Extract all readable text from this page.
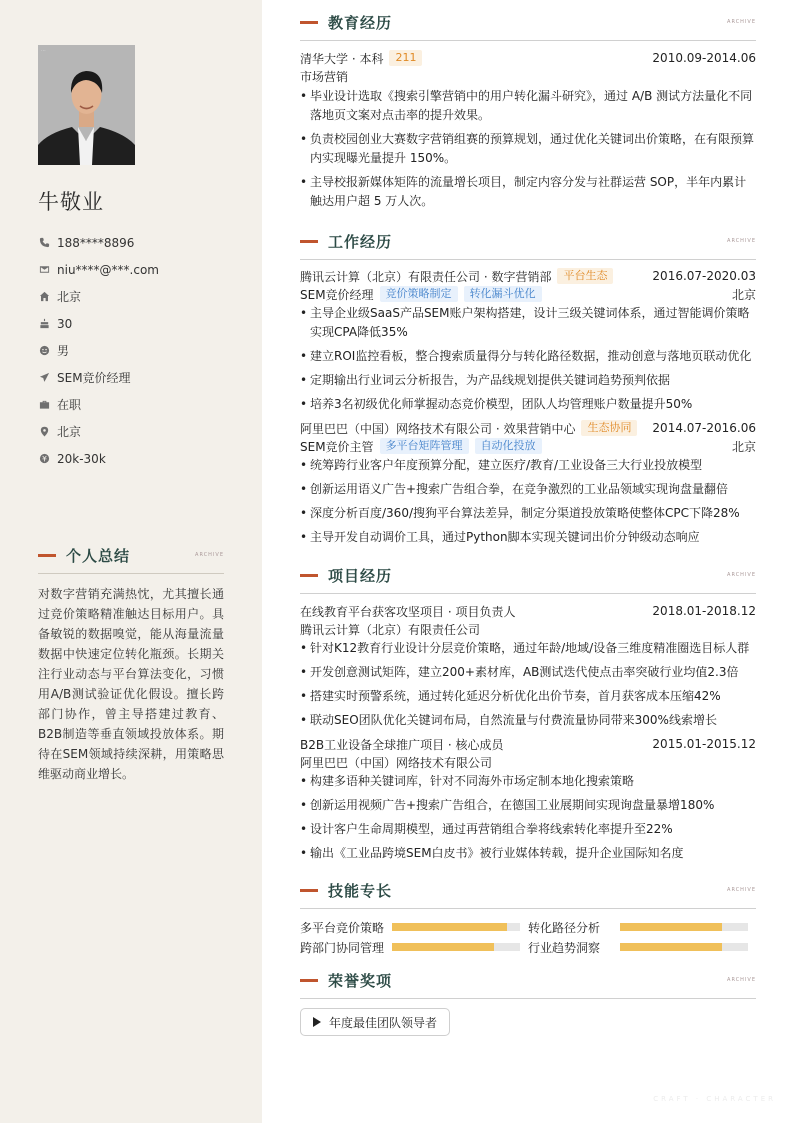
...
牛敬业
188****8896
niu****@***.com
北京
30
男
SEM竞价经理
在职
北京
20k-30k
个人总结	ARCHIVE

对数字营销充满热忱，尤其擅长通过竞价策略精准触达目标用户。具备敏锐的数据嗅觉，能从海量流量数据中快速定位转化瓶颈。长期关注行业动态与平台算法变化，习惯用A/B测试验证优化假设。擅长跨部门协作，曾主导搭建过教育、B2B制造等垂直领域投放体系。期待在SEM领域持续深耕，用策略思维驱动商业增长。

教育经历	ARCHIVE
清华大学 · 本科	211	2010.09-2014.06
市场营销
• 毕业设计选取《搜索引擎营销中的用户转化漏斗研究》，通过 A/B 测试方法量化不同落地页文案对点击率的提升效果。
• 负责校园创业大赛数字营销组赛的预算规划，通过优化关键词出价策略，在有限预算内实现曝光量提升 150%。
• 主导校报新媒体矩阵的流量增长项目，制定内容分发与社群运营 SOP，半年内累计触达用户超 5 万人次。
工作经历	ARCHIVE
腾讯云计算（北京）有限责任公司 · 数字营销部	平台生态	2016.07-2020.03
SEM竞价经理	竞价策略制定	转化漏斗优化	北京
• 主导企业级SaaS产品SEM账户架构搭建，设计三级关键词体系，通过智能调价策略实现CPA降低35%
• 建立ROI监控看板，整合搜索质量得分与转化路径数据，推动创意与落地页联动优化
• 定期输出行业词云分析报告，为产品线规划提供关键词趋势预判依据
• 培养3名初级优化师掌握动态竞价模型，团队人均管理账户数量提升50%
阿里巴巴（中国）网络技术有限公司 · 效果营销中心	生态协同	2014.07-2016.06
SEM竞价主管	多平台矩阵管理	自动化投放	北京
• 统筹跨行业客户年度预算分配，建立医疗/教育/工业设备三大行业投放模型
• 创新运用语义广告+搜索广告组合拳，在竞争激烈的工业品领域实现询盘量翻倍
• 深度分析百度/360/搜狗平台算法差异，制定分渠道投放策略使整体CPC下降28%
• 主导开发自动调价工具，通过Python脚本实现关键词出价分钟级动态响应
项目经历	ARCHIVE
在线教育平台获客攻坚项目 · 项目负责人	2018.01-2018.12
腾讯云计算（北京）有限责任公司
• 针对K12教育行业设计分层竞价策略，通过年龄/地域/设备三维度精准圈选目标人群
• 开发创意测试矩阵，建立200+素材库，AB测试迭代使点击率突破行业均值2.3倍
• 搭建实时预警系统，通过转化延迟分析优化出价节奏，首月获客成本压缩42%
• 联动SEO团队优化关键词布局，自然流量与付费流量协同带来300%线索增长
B2B工业设备全球推广项目 · 核心成员	2015.01-2015.12
阿里巴巴（中国）网络技术有限公司
• 构建多语种关键词库，针对不同海外市场定制本地化搜索策略
• 创新运用视频广告+搜索广告组合，在德国工业展期间实现询盘量暴增180%
• 设计客户生命周期模型，通过再营销组合拳将线索转化率提升至22%
• 输出《工业品跨境SEM白皮书》被行业媒体转载，提升企业国际知名度
技能专长	ARCHIVE
多平台竞价策略	转化路径分析
跨部门协同管理	行业趋势洞察
荣誉奖项	ARCHIVE
年度最佳团队领导者
CRAFT · CHARACTER
